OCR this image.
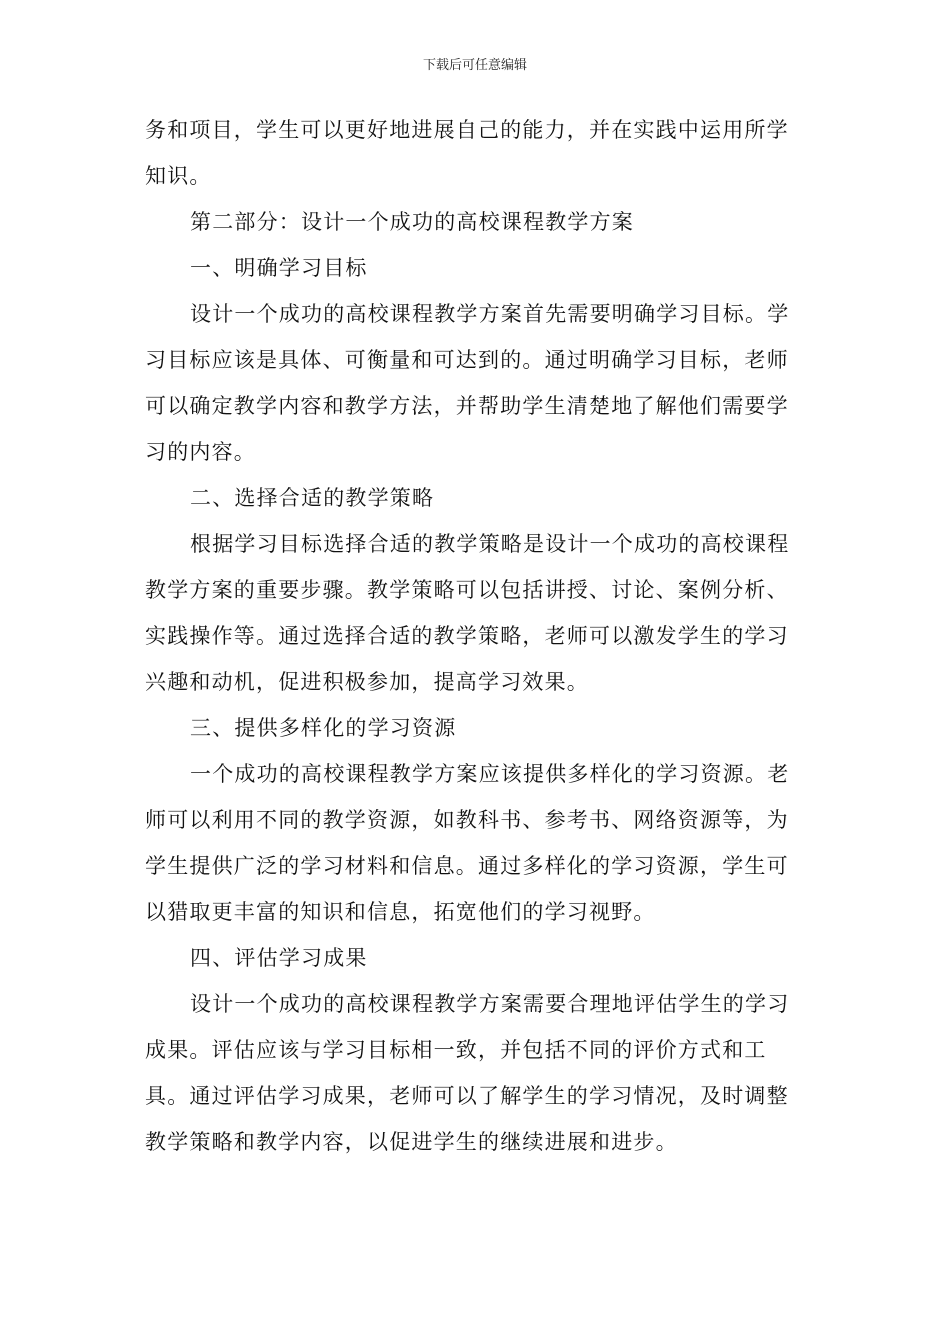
下载后可任意编辑

务和项目，学生可以更好地进展自己的能力，并在实践中运用所学知识。

第二部分：设计一个成功的高校课程教学方案

一、明确学习目标

设计一个成功的高校课程教学方案首先需要明确学习目标。学习目标应该是具体、可衡量和可达到的。通过明确学习目标，老师可以确定教学内容和教学方法，并帮助学生清楚地了解他们需要学习的内容。

二、选择合适的教学策略

根据学习目标选择合适的教学策略是设计一个成功的高校课程教学方案的重要步骤。教学策略可以包括讲授、讨论、案例分析、实践操作等。通过选择合适的教学策略，老师可以激发学生的学习兴趣和动机，促进积极参加，提高学习效果。

三、提供多样化的学习资源

一个成功的高校课程教学方案应该提供多样化的学习资源。老师可以利用不同的教学资源，如教科书、参考书、网络资源等，为学生提供广泛的学习材料和信息。通过多样化的学习资源，学生可以猎取更丰富的知识和信息，拓宽他们的学习视野。

四、评估学习成果

设计一个成功的高校课程教学方案需要合理地评估学生的学习成果。评估应该与学习目标相一致，并包括不同的评价方式和工具。通过评估学习成果，老师可以了解学生的学习情况，及时调整教学策略和教学内容，以促进学生的继续进展和进步。
